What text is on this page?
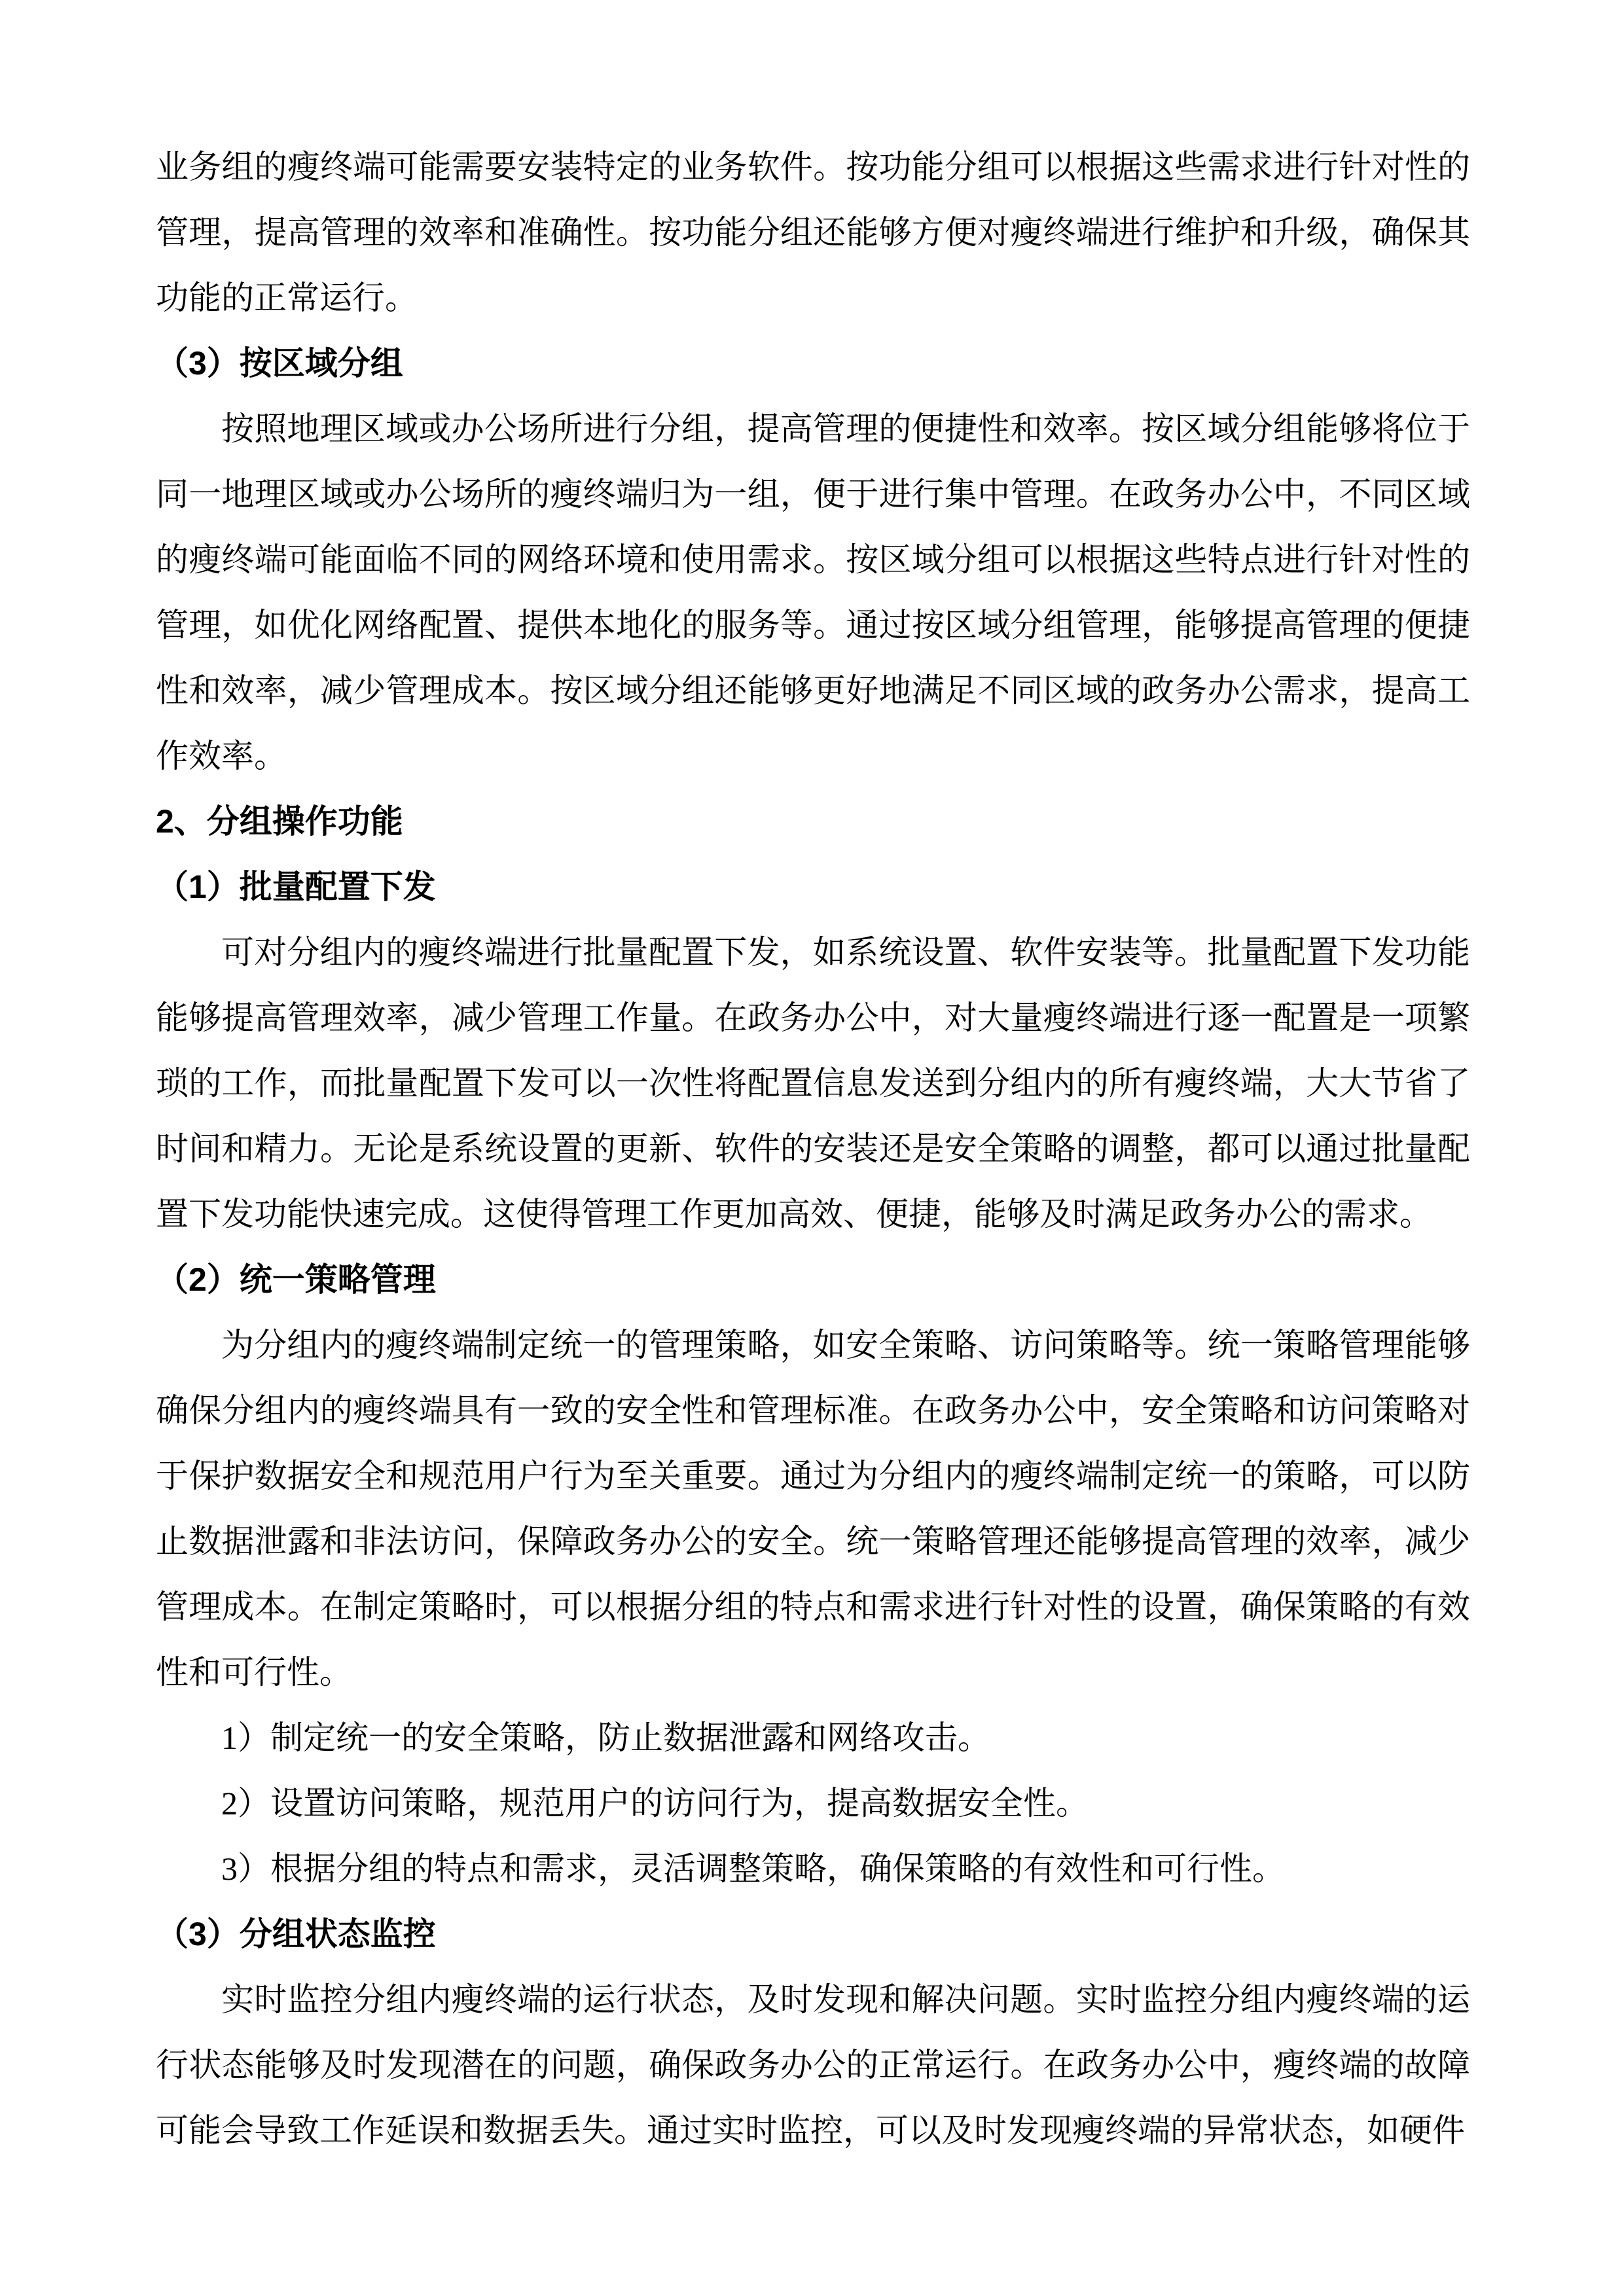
业务组的瘦终端可能需要安装特定的业务软件。按功能分组可以根据这些需求进行针对性的管理，提高管理的效率和准确性。按功能分组还能够方便对瘦终端进行维护和升级，确保其功能的正常运行。

（3）按区域分组

按照地理区域或办公场所进行分组，提高管理的便捷性和效率。按区域分组能够将位于同一地理区域或办公场所的瘦终端归为一组，便于进行集中管理。在政务办公中，不同区域的瘦终端可能面临不同的网络环境和使用需求。按区域分组可以根据这些特点进行针对性的管理，如优化网络配置、提供本地化的服务等。通过按区域分组管理，能够提高管理的便捷性和效率，减少管理成本。按区域分组还能够更好地满足不同区域的政务办公需求，提高工作效率。

2、分组操作功能
（1）批量配置下发

可对分组内的瘦终端进行批量配置下发，如系统设置、软件安装等。批量配置下发功能能够提高管理效率，减少管理工作量。在政务办公中，对大量瘦终端进行逐一配置是一项繁琐的工作，而批量配置下发可以一次性将配置信息发送到分组内的所有瘦终端，大大节省了时间和精力。无论是系统设置的更新、软件的安装还是安全策略的调整，都可以通过批量配置下发功能快速完成。这使得管理工作更加高效、便捷，能够及时满足政务办公的需求。

（2）统一策略管理

为分组内的瘦终端制定统一的管理策略，如安全策略、访问策略等。统一策略管理能够确保分组内的瘦终端具有一致的安全性和管理标准。在政务办公中，安全策略和访问策略对于保护数据安全和规范用户行为至关重要。通过为分组内的瘦终端制定统一的策略，可以防止数据泄露和非法访问，保障政务办公的安全。统一策略管理还能够提高管理的效率，减少管理成本。在制定策略时，可以根据分组的特点和需求进行针对性的设置，确保策略的有效性和可行性。

1）制定统一的安全策略，防止数据泄露和网络攻击。

2）设置访问策略，规范用户的访问行为，提高数据安全性。

3）根据分组的特点和需求，灵活调整策略，确保策略的有效性和可行性。

（3）分组状态监控

实时监控分组内瘦终端的运行状态，及时发现和解决问题。实时监控分组内瘦终端的运行状态能够及时发现潜在的问题，确保政务办公的正常运行。在政务办公中，瘦终端的故障可能会导致工作延误和数据丢失。通过实时监控，可以及时发现瘦终端的异常状态，如硬件
